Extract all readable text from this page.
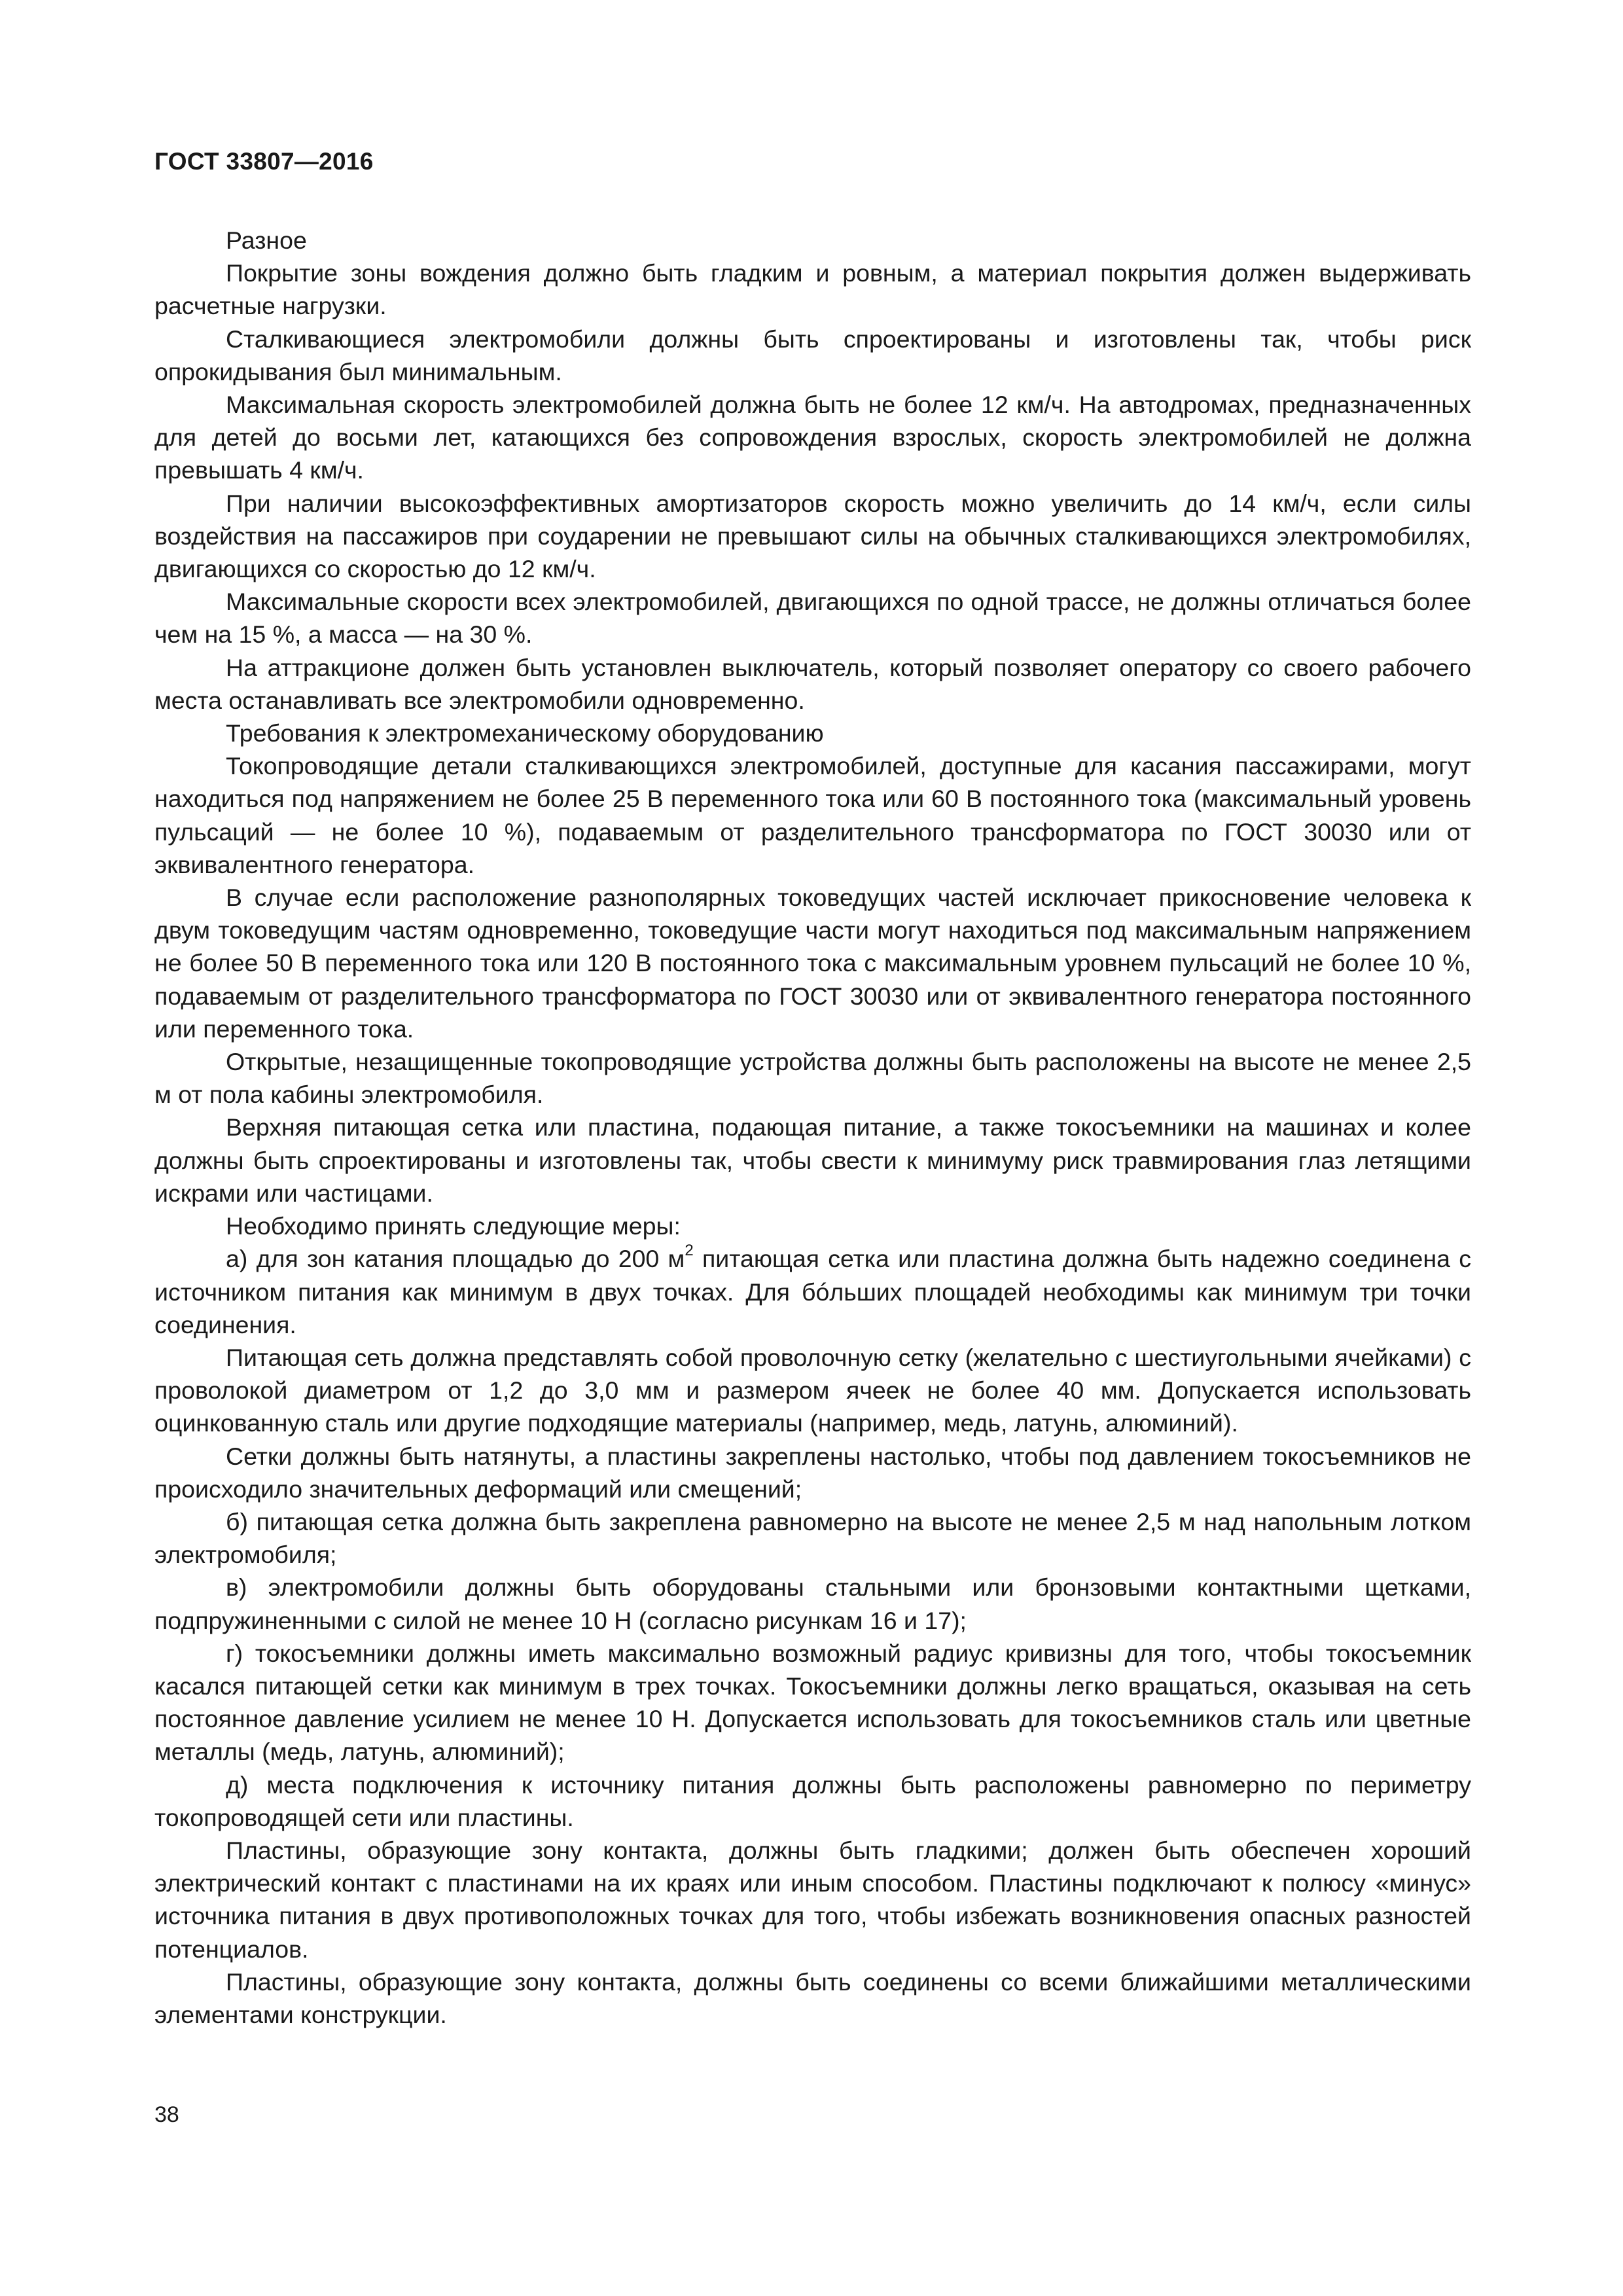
ГОСТ 33807—2016

Разное

Покрытие зоны вождения должно быть гладким и ровным, а материал покрытия должен выдерживать расчетные нагрузки.

Сталкивающиеся электромобили должны быть спроектированы и изготовлены так, чтобы риск опрокидывания был минимальным.

Максимальная скорость электромобилей должна быть не более 12 км/ч. На автодромах, предназначенных для детей до восьми лет, катающихся без сопровождения взрослых, скорость электромобилей не должна превышать 4 км/ч.

При наличии высокоэффективных амортизаторов скорость можно увеличить до 14 км/ч, если силы воздействия на пассажиров при соударении не превышают силы на обычных сталкивающихся электромобилях, двигающихся со скоростью до 12 км/ч.

Максимальные скорости всех электромобилей, двигающихся по одной трассе, не должны отличаться более чем на 15 %, а масса — на 30 %.

На аттракционе должен быть установлен выключатель, который позволяет оператору со своего рабочего места останавливать все электромобили одновременно.

Требования к электромеханическому оборудованию

Токопроводящие детали сталкивающихся электромобилей, доступные для касания пассажирами, могут находиться под напряжением не более 25 В переменного тока или 60 В постоянного тока (максимальный уровень пульсаций — не более 10 %), подаваемым от разделительного трансформатора по ГОСТ 30030 или от эквивалентного генератора.

В случае если расположение разнополярных токоведущих частей исключает прикосновение человека к двум токоведущим частям одновременно, токоведущие части могут находиться под максимальным напряжением не более 50 В переменного тока или 120 В постоянного тока с максимальным уровнем пульсаций не более 10 %, подаваемым от разделительного трансформатора по ГОСТ 30030 или от эквивалентного генератора постоянного или переменного тока.

Открытые, незащищенные токопроводящие устройства должны быть расположены на высоте не менее 2,5 м от пола кабины электромобиля.

Верхняя питающая сетка или пластина, подающая питание, а также токосъемники на машинах и колее должны быть спроектированы и изготовлены так, чтобы свести к минимуму риск травмирования глаз летящими искрами или частицами.

Необходимо принять следующие меры:

а) для зон катания площадью до 200 $м^2$ питающая сетка или пластина должна быть надежно соединена с источником питания как минимум в двух точках. Для бóльших площадей необходимы как минимум три точки соединения.

Питающая сеть должна представлять собой проволочную сетку (желательно с шестиугольными ячейками) с проволокой диаметром от 1,2 до 3,0 мм и размером ячеек не более 40 мм. Допускается использовать оцинкованную сталь или другие подходящие материалы (например, медь, латунь, алюминий).

Сетки должны быть натянуты, а пластины закреплены настолько, чтобы под давлением токосъемников не происходило значительных деформаций или смещений;

б) питающая сетка должна быть закреплена равномерно на высоте не менее 2,5 м над напольным лотком электромобиля;

в) электромобили должны быть оборудованы стальными или бронзовыми контактными щетками, подпружиненными с силой не менее 10 Н (согласно рисункам 16 и 17);

г) токосъемники должны иметь максимально возможный радиус кривизны для того, чтобы токосъемник касался питающей сетки как минимум в трех точках. Токосъемники должны легко вращаться, оказывая на сеть постоянное давление усилием не менее 10 Н. Допускается использовать для токосъемников сталь или цветные металлы (медь, латунь, алюминий);

д) места подключения к источнику питания должны быть расположены равномерно по периметру токопроводящей сети или пластины.

Пластины, образующие зону контакта, должны быть гладкими; должен быть обеспечен хороший электрический контакт с пластинами на их краях или иным способом. Пластины подключают к полюсу «минус» источника питания в двух противоположных точках для того, чтобы избежать возникновения опасных разностей потенциалов.

Пластины, образующие зону контакта, должны быть соединены со всеми ближайшими металлическими элементами конструкции.

38
